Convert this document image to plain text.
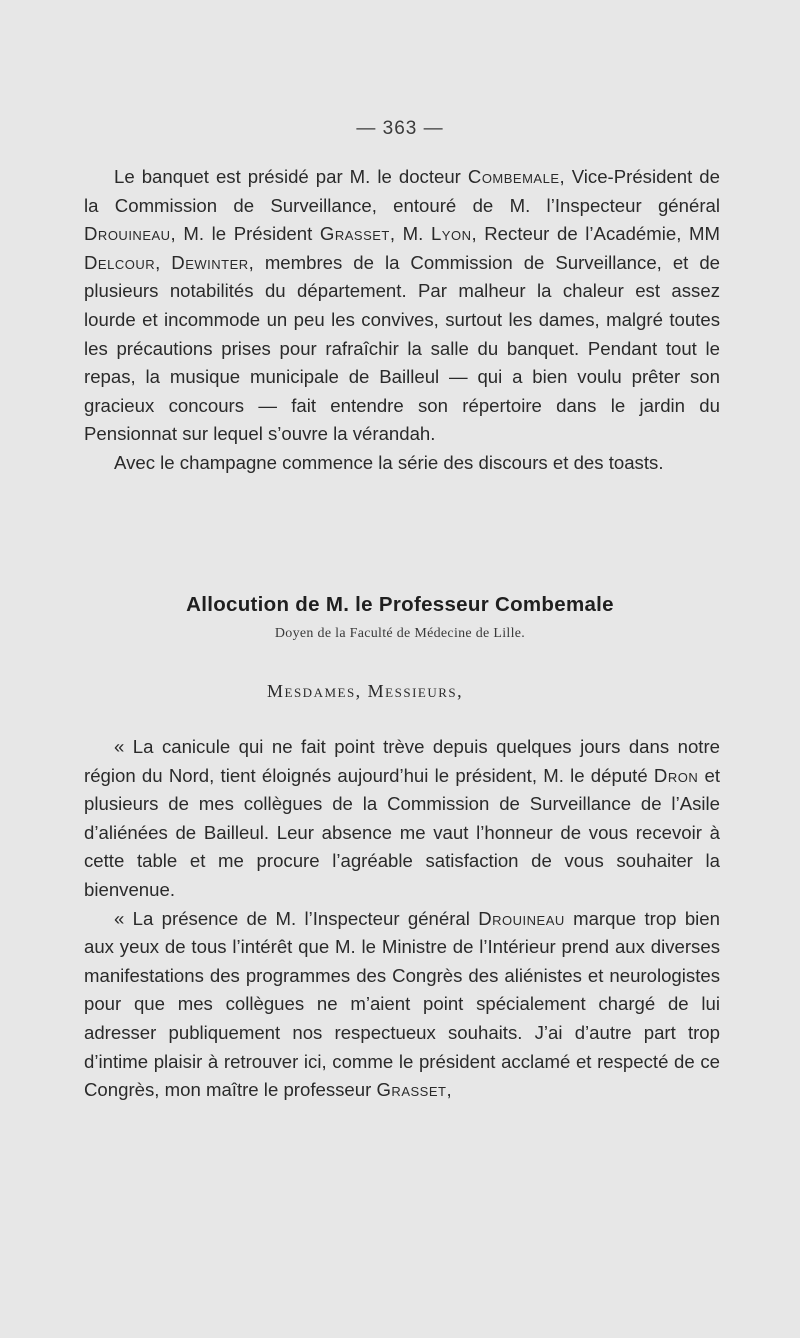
— 363 —

Le banquet est présidé par M. le docteur Combemale, Vice-Président de la Commission de Surveillance, entouré de M. l’Inspecteur général Drouineau, M. le Président Grasset, M. Lyon, Recteur de l’Académie, MM Delcour, Dewinter, membres de la Commission de Surveillance, et de plusieurs notabilités du département. Par malheur la chaleur est assez lourde et incommode un peu les convives, surtout les dames, malgré toutes les précautions prises pour rafraîchir la salle du banquet. Pendant tout le repas, la musique municipale de Bailleul — qui a bien voulu prêter son gracieux concours — fait entendre son répertoire dans le jardin du Pensionnat sur lequel s’ouvre la vérandah.

Avec le champagne commence la série des discours et des toasts.

Allocution de M. le Professeur Combemale
Doyen de la Faculté de Médecine de Lille.
Mesdames, Messieurs,

« La canicule qui ne fait point trève depuis quelques jours dans notre région du Nord, tient éloignés aujourd’hui le président, M. le député Dron et plusieurs de mes collègues de la Commission de Surveillance de l’Asile d’aliénées de Bailleul. Leur absence me vaut l’honneur de vous recevoir à cette table et me procure l’agréable satisfaction de vous souhaiter la bienvenue.

« La présence de M. l’Inspecteur général Drouineau marque trop bien aux yeux de tous l’intérêt que M. le Ministre de l’Intérieur prend aux diverses manifestations des programmes des Congrès des aliénistes et neurologistes pour que mes collègues ne m’aient point spécialement chargé de lui adresser publiquement nos respectueux souhaits. J’ai d’autre part trop d’intime plaisir à retrouver ici, comme le président acclamé et respecté de ce Congrès, mon maître le professeur Grasset,
